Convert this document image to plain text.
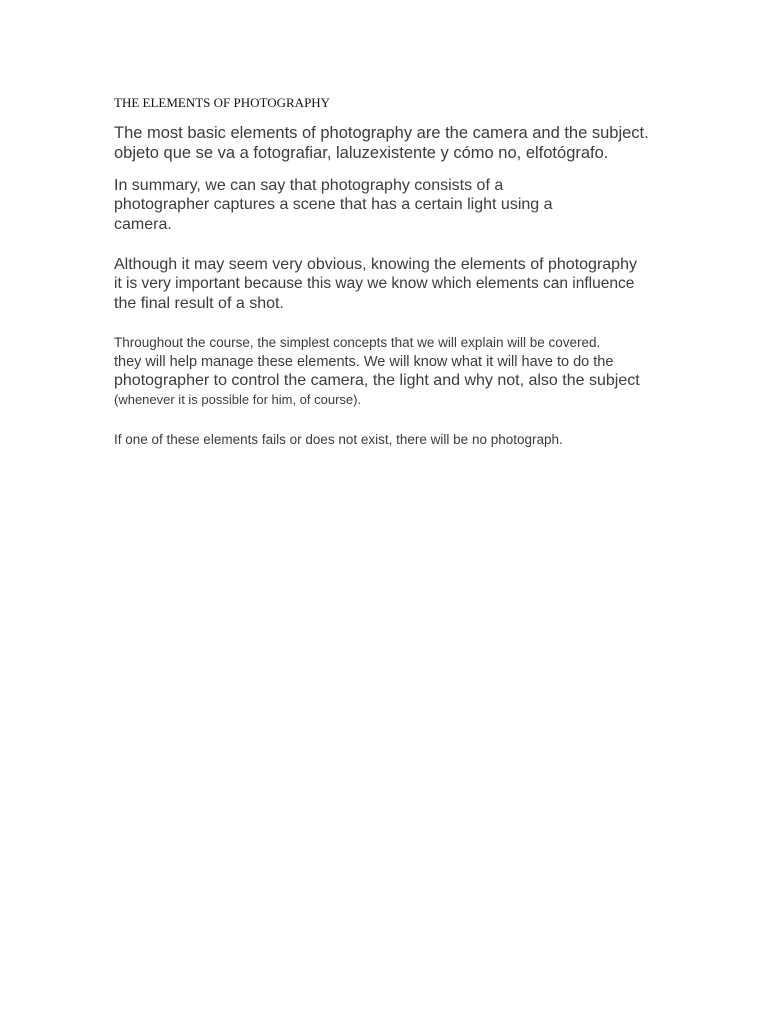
THE ELEMENTS OF PHOTOGRAPHY
The most basic elements of photography are the camera and the subject.
objeto que se va a fotografiar, laluzexistente y cómo no, elfotógrafo.
In summary, we can say that photography consists of a
photographer captures a scene that has a certain light using a
camera.
Although it may seem very obvious, knowing the elements of photography
it is very important because this way we know which elements can influence
the final result of a shot.
Throughout the course, the simplest concepts that we will explain will be covered.
they will help manage these elements. We will know what it will have to do the
photographer to control the camera, the light and why not, also the subject
(whenever it is possible for him, of course).
If one of these elements fails or does not exist, there will be no photograph.
